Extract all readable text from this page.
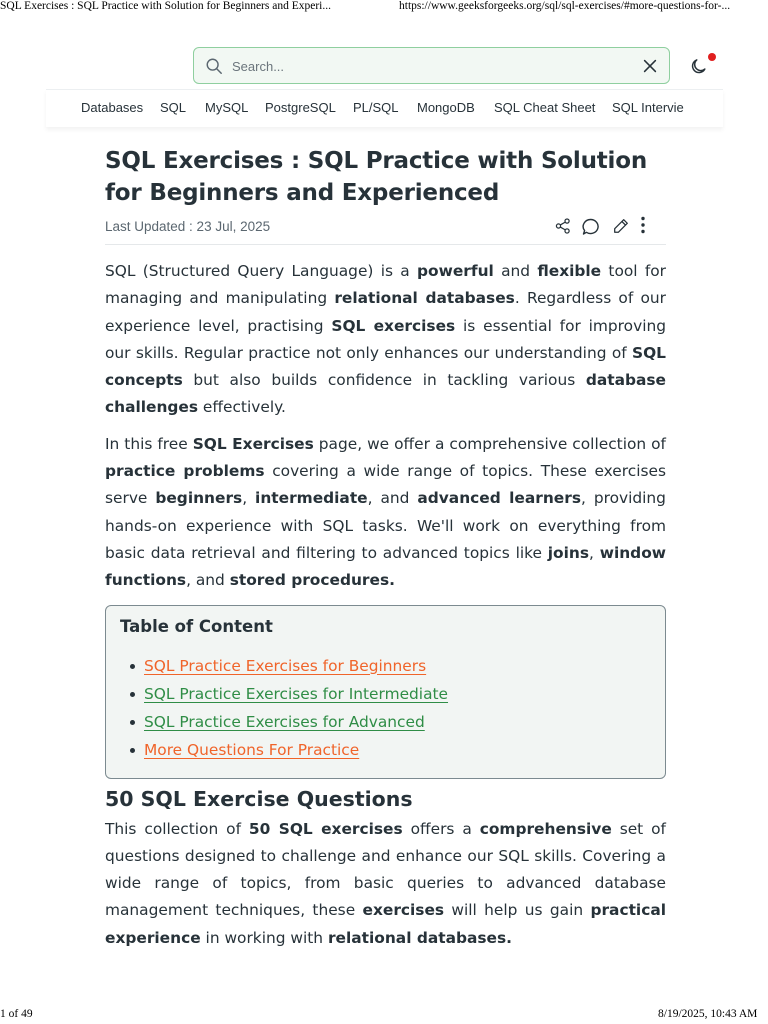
SQL Exercises : SQL Practice with Solution for Beginners and Experi...	https://www.geeksforgeeks.org/sql/sql-exercises/#more-questions-for-...
Search...
Databases SQL MySQL PostgreSQL PL/SQL MongoDB SQL Cheat Sheet SQL Intervie
SQL Exercises : SQL Practice with Solution for Beginners and Experienced
Last Updated : 23 Jul, 2025

SQL (Structured Query Language) is a powerful and flexible tool for managing and manipulating relational databases. Regardless of our experience level, practising SQL exercises is essential for improving our skills. Regular practice not only enhances our understanding of SQL concepts but also builds confidence in tackling various database challenges effectively.

In this free SQL Exercises page, we offer a comprehensive collection of practice problems covering a wide range of topics. These exercises serve beginners, intermediate, and advanced learners, providing hands-on experience with SQL tasks. We'll work on everything from basic data retrieval and filtering to advanced topics like joins, window functions, and stored procedures.

Table of Content
SQL Practice Exercises for Beginners
SQL Practice Exercises for Intermediate
SQL Practice Exercises for Advanced
More Questions For Practice
50 SQL Exercise Questions

This collection of 50 SQL exercises offers a comprehensive set of questions designed to challenge and enhance our SQL skills. Covering a wide range of topics, from basic queries to advanced database management techniques, these exercises will help us gain practical experience in working with relational databases.

1 of 49	8/19/2025, 10:43 AM
